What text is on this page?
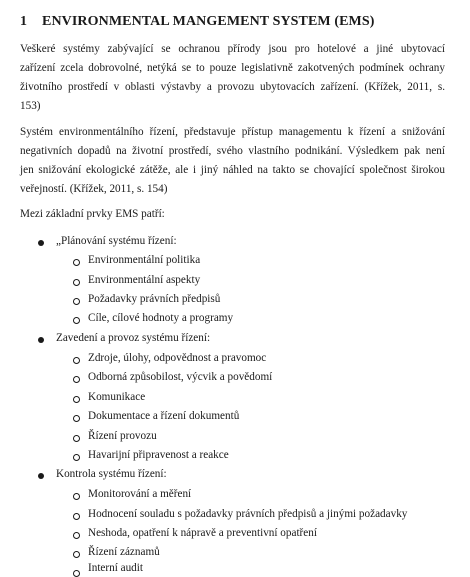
1 ENVIRONMENTAL MANGEMENT SYSTEM (EMS)
Veškeré systémy zabývající se ochranou přírody jsou pro hotelové a jiné ubytovací
zařízení zcela dobrovolné, netýká se to pouze legislativně zakotvených podmínek ochrany
životního prostředí v oblasti výstavby a provozu ubytovacích zařízení. (Křížek, 2011, s.
153)
Systém environmentálního řízení, představuje přístup managementu k řízení a snižování
negativních dopadů na životní prostředí, svého vlastního podnikání. Výsledkem pak není
jen snižování ekologické zátěže, ale i jiný náhled na takto se chovající společnost širokou
veřejností. (Křížek, 2011, s. 154)
Mezi základní prvky EMS patří:
„Plánování systému řízení:
Environmentální politika
Environmentální aspekty
Požadavky právních předpisů
Cíle, cílové hodnoty a programy
Zavedení a provoz systému řízení:
Zdroje, úlohy, odpovědnost a pravomoc
Odborná způsobilost, výcvik a povědomí
Komunikace
Dokumentace a řízení dokumentů
Řízení provozu
Havarijní připravenost a reakce
Kontrola systému řízení:
Monitorování a měření
Hodnocení souladu s požadavky právních předpisů a jinými požadavky
Neshoda, opatření k nápravě a preventivní opatření
Řízení záznamů
Interní audit
